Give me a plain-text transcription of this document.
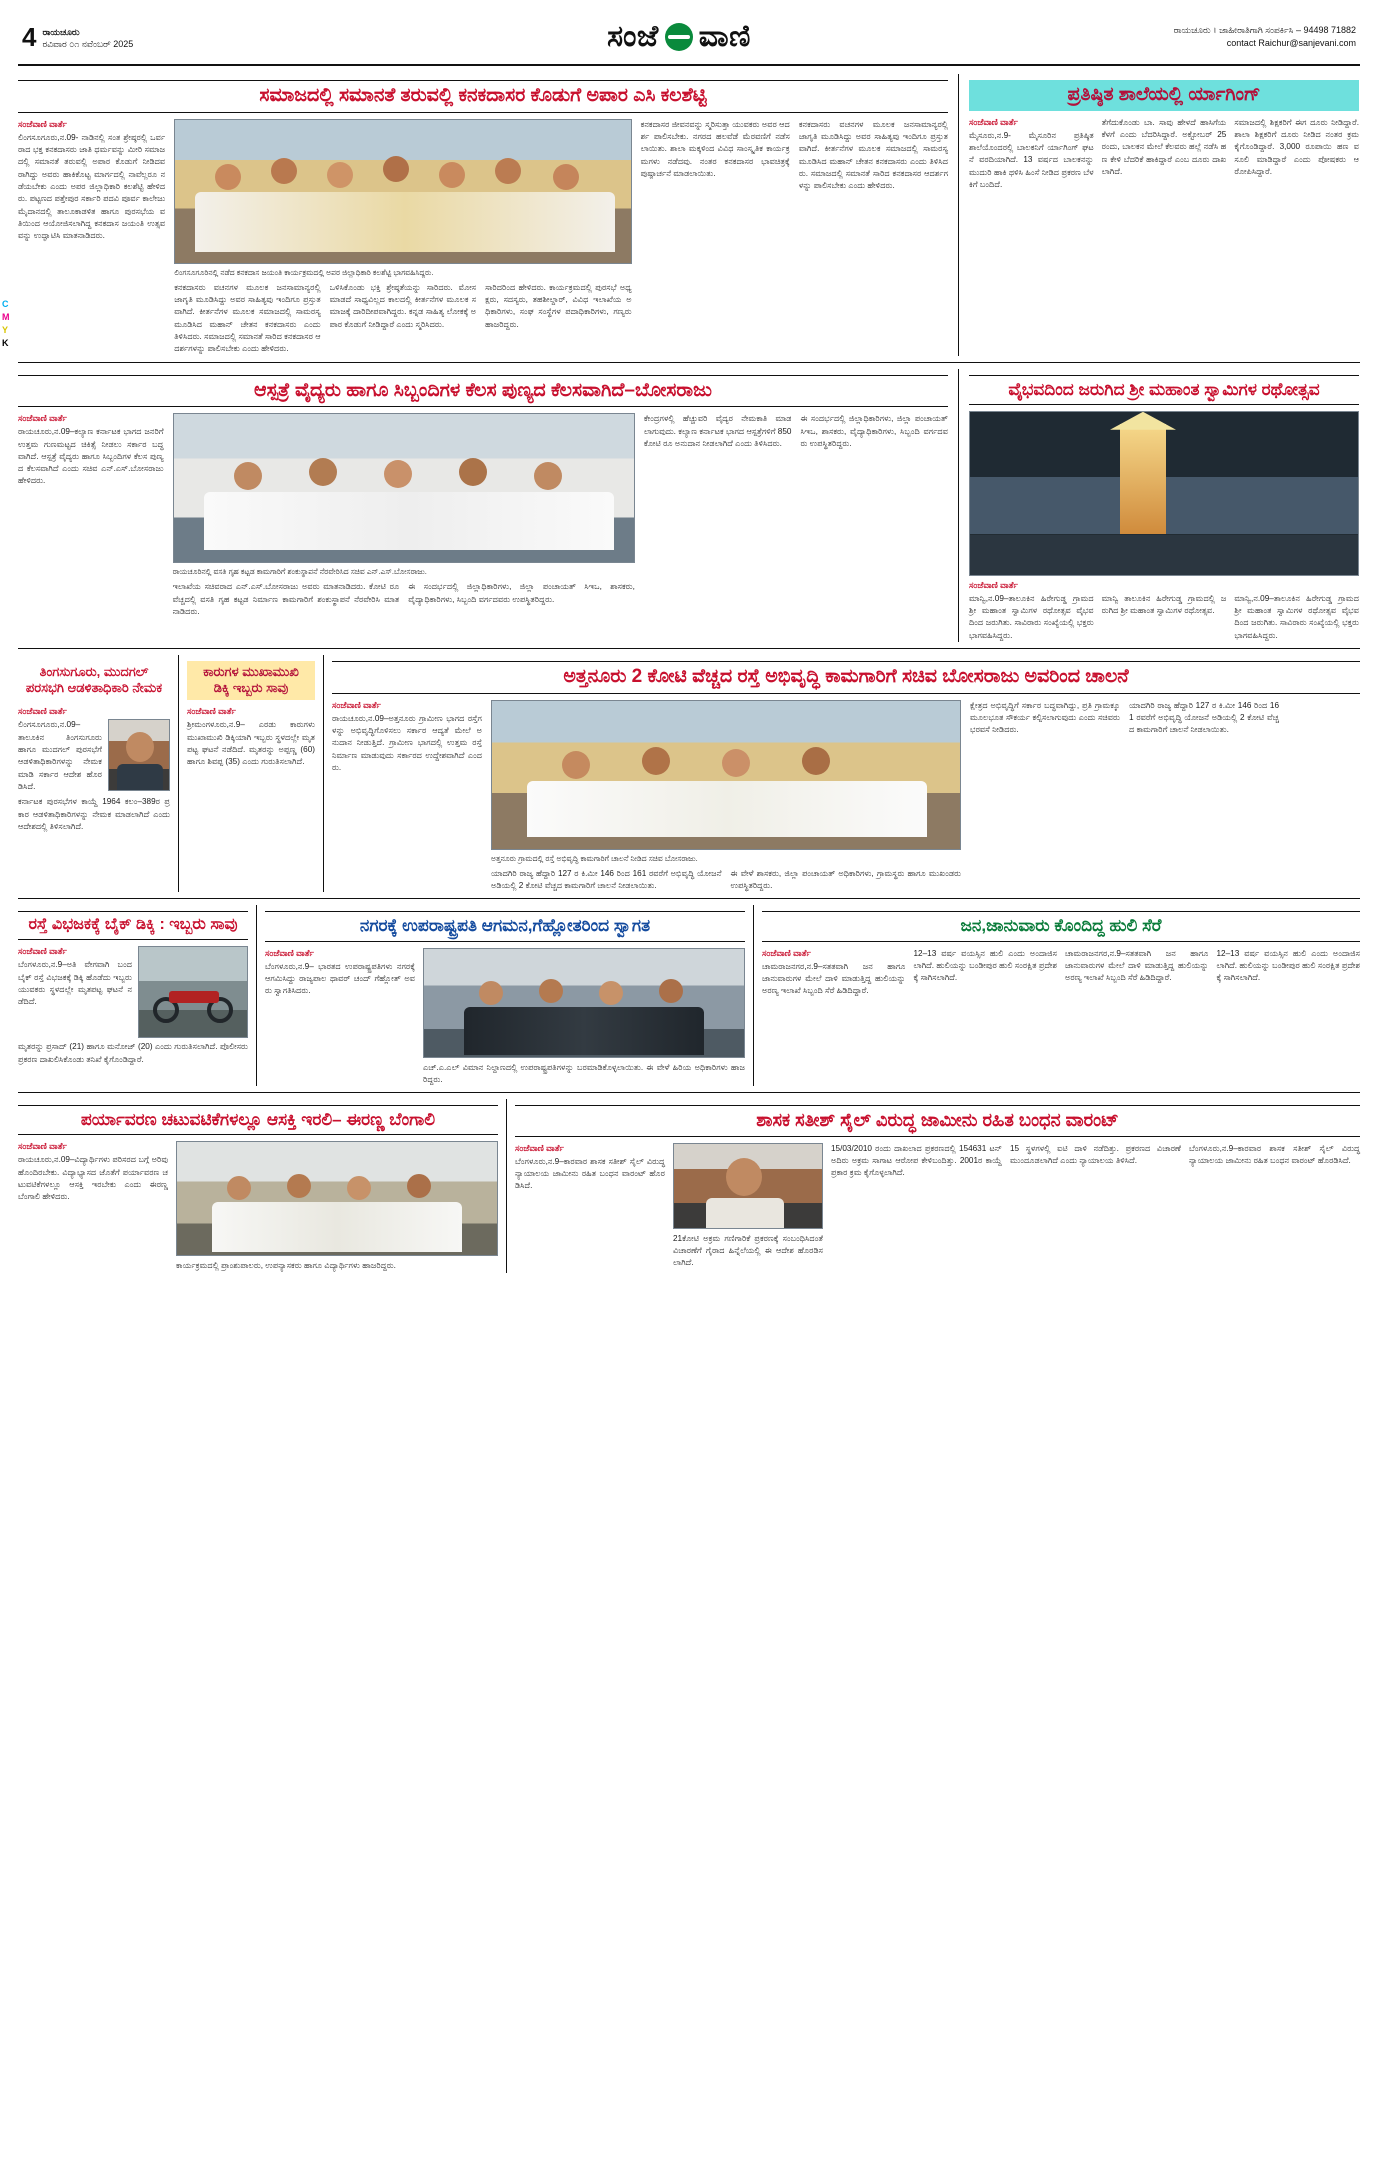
C
M
Y
K
4 ರಾಯಚೂರು
ರವಿವಾರ ೦೧ ನವೆಂಬರ್ 2025	ಸಂಜೆ ವಾಣಿ	ರಾಯಚೂರು । ಜಾಹೀರಾತಿಗಾಗಿ ಸಂಪರ್ಕಿಸಿ – 94498 71882
contact Raichur@sanjevani.com
ಸಮಾಜದಲ್ಲಿ ಸಮಾನತೆ ತರುವಲ್ಲಿ ಕನಕದಾಸರ ಕೊಡುಗೆ ಅಪಾರ ಎಸಿ ಕಲಶೆಟ್ಟಿ
ಸಂಜೆವಾಣಿ ವಾರ್ತೆ
ಲಿಂಗಸೂಗೂರು,ನ.09- ನಾಡಿನಲ್ಲಿ ಸಂತ ಶ್ರೇಷ್ಠರಲ್ಲಿ ಒರ್ವರಾದ ಭಕ್ತ ಕನಕದಾಸರು ಜಾತಿ ಧರ್ಮವನ್ನು ಮೀರಿ ಸಮಾಜದಲ್ಲಿ ಸಮಾನತೆ ತರುವಲ್ಲಿ ಅಪಾರ ಕೊಡುಗೆ ನೀಡಿದವರಾಗಿದ್ದು ಅವರು ಹಾಕಿಕೊಟ್ಟ ಮಾರ್ಗದಲ್ಲಿ ನಾವೆಲ್ಲರೂ ನಡೆಯಬೇಕು ಎಂದು ಅಪರ ಜಿಲ್ಲಾಧಿಕಾರಿ ಕಲಶೆಟ್ಟಿ ಹೇಳಿದರು. ಪಟ್ಟಣದ ಪತ್ತೇಪುರ ಸರ್ಕಾರಿ ಪದವಿ ಪೂರ್ವ ಕಾಲೇಜು ಮೈದಾನದಲ್ಲಿ ತಾಲೂಕಾಡಳಿತ ಹಾಗೂ ಪುರಸಭೆಯ ವತಿಯಿಂದ ಆಯೋಜಿಸಲಾಗಿದ್ದ ಕನಕದಾಸ ಜಯಂತಿ ಉತ್ಸವವನ್ನು ಉದ್ಘಾಟಿಸಿ ಮಾತನಾಡಿದರು.
ಲಿಂಗಸೂಗೂರಿನಲ್ಲಿ ನಡೆದ ಕನಕದಾಸ ಜಯಂತಿ ಕಾರ್ಯಕ್ರಮದಲ್ಲಿ ಅಪರ ಜಿಲ್ಲಾಧಿಕಾರಿ ಕಲಶೆಟ್ಟಿ ಭಾಗವಹಿಸಿದ್ದರು.
ಕನಕದಾಸರು ವಚನಗಳ ಮೂಲಕ ಜನಸಾಮಾನ್ಯರಲ್ಲಿ ಜಾಗೃತಿ ಮೂಡಿಸಿದ್ದು ಅವರ ಸಾಹಿತ್ಯವು ಇಂದಿಗೂ ಪ್ರಸ್ತುತವಾಗಿದೆ. ಕೀರ್ತನೆಗಳ ಮೂಲಕ ಸಮಾಜದಲ್ಲಿ ಸಾಮರಸ್ಯ ಮೂಡಿಸಿದ ಮಹಾನ್ ಚೇತನ ಕನಕದಾಸರು ಎಂದು ತಿಳಿಸಿದರು. ಸಮಾಜದಲ್ಲಿ ಸಮಾನತೆ ಸಾರಿದ ಕನಕದಾಸರ ಆದರ್ಶಗಳನ್ನು ಪಾಲಿಸಬೇಕು ಎಂದು ಹೇಳಿದರು.
ಒಳಿಸಿಕೊಂಡು ಭಕ್ತಿ ಶ್ರೇಷ್ಠತೆಯನ್ನು ಸಾರಿದರು. ಮೋಸ ಮಾಡದೆ ಸಾಧ್ಯವಿಲ್ಲದ ಕಾಲದಲ್ಲಿ ಕೀರ್ತನೆಗಳ ಮೂಲಕ ಸಮಾಜಕ್ಕೆ ದಾರಿದೀಪವಾಗಿದ್ದರು. ಕನ್ನಡ ಸಾಹಿತ್ಯ ಲೋಕಕ್ಕೆ ಅಪಾರ ಕೊಡುಗೆ ನೀಡಿದ್ದಾರೆ ಎಂದು ಸ್ಮರಿಸಿದರು.
ಸಾರಿದರಿಂದ ಹೇಳಿದರು. ಕಾರ್ಯಕ್ರಮದಲ್ಲಿ ಪುರಸಭೆ ಅಧ್ಯಕ್ಷರು, ಸದಸ್ಯರು, ತಹಶೀಲ್ದಾರ್, ವಿವಿಧ ಇಲಾಖೆಯ ಅಧಿಕಾರಿಗಳು, ಸಂಘ ಸಂಸ್ಥೆಗಳ ಪದಾಧಿಕಾರಿಗಳು, ಗಣ್ಯರು ಹಾಜರಿದ್ದರು.
ಕನಕದಾಸರ ಜೀವನವನ್ನು ಸ್ಮರಿಸುತ್ತಾ ಯುವಕರು ಅವರ ಆದರ್ಶ ಪಾಲಿಸಬೇಕು. ನಗರದ ಹಲವೆಡೆ ಮೆರವಣಿಗೆ ನಡೆಸಲಾಯಿತು. ಶಾಲಾ ಮಕ್ಕಳಿಂದ ವಿವಿಧ ಸಾಂಸ್ಕೃತಿಕ ಕಾರ್ಯಕ್ರಮಗಳು ನಡೆದವು. ನಂತರ ಕನಕದಾಸರ ಭಾವಚಿತ್ರಕ್ಕೆ ಪುಷ್ಪಾರ್ಚನೆ ಮಾಡಲಾಯಿತು.
ಕನಕದಾಸರು ವಚನಗಳ ಮೂಲಕ ಜನಸಾಮಾನ್ಯರಲ್ಲಿ ಜಾಗೃತಿ ಮೂಡಿಸಿದ್ದು ಅವರ ಸಾಹಿತ್ಯವು ಇಂದಿಗೂ ಪ್ರಸ್ತುತವಾಗಿದೆ. ಕೀರ್ತನೆಗಳ ಮೂಲಕ ಸಮಾಜದಲ್ಲಿ ಸಾಮರಸ್ಯ ಮೂಡಿಸಿದ ಮಹಾನ್ ಚೇತನ ಕನಕದಾಸರು ಎಂದು ತಿಳಿಸಿದರು. ಸಮಾಜದಲ್ಲಿ ಸಮಾನತೆ ಸಾರಿದ ಕನಕದಾಸರ ಆದರ್ಶಗಳನ್ನು ಪಾಲಿಸಬೇಕು ಎಂದು ಹೇಳಿದರು.
ಪ್ರತಿಷ್ಠಿತ ಶಾಲೆಯಲ್ಲಿ ರ್ಯಾಗಿಂಗ್
ಸಂಜೆವಾಣಿ ವಾರ್ತೆ
ಮೈಸೂರು,ನ.9- ಮೈಸೂರಿನ ಪ್ರತಿಷ್ಠಿತ ಶಾಲೆಯೊಂದರಲ್ಲಿ ಬಾಲಕನಿಗೆ ರ್ಯಾಗಿಂಗ್ ಘಟನೆ ವರದಿಯಾಗಿದೆ. 13 ವರ್ಷದ ಬಾಲಕನನ್ನು ಮುದುರಿ ಹಾಕಿ ಥಳಿಸಿ ಹಿಂಸೆ ನೀಡಿದ ಪ್ರಕರಣ ಬೆಳಕಿಗೆ ಬಂದಿದೆ.
ತೆಗೆದುಕೊಂಡು ಬಾ. ಸಾವು ಹೇಳದೆ ಹಾಸಿಗೆಯ ಕೆಳಗೆ ಎಂದು ಬೆದರಿಸಿದ್ದಾರೆ. ಅಕ್ಟೋಬರ್ 25 ರಂದು, ಬಾಲಕನ ಮೇಲೆ ಕೆಲವರು ಹಲ್ಲೆ ನಡೆಸಿ ಹಣ ಕೇಳಿ ಬೆದರಿಕೆ ಹಾಕಿದ್ದಾರೆ ಎಂಬ ದೂರು ದಾಖಲಾಗಿದೆ.
ಸಮಾಜದಲ್ಲಿ ಶಿಕ್ಷಕರಿಗೆ ಈಗ ದೂರು ನೀಡಿದ್ದಾರೆ. ಶಾಲಾ ಶಿಕ್ಷಕರಿಗೆ ದೂರು ನೀಡಿದ ನಂತರ ಕ್ರಮ ಕೈಗೊಂಡಿದ್ದಾರೆ. 3,000 ರೂಪಾಯಿ ಹಣ ವಸೂಲಿ ಮಾಡಿದ್ದಾರೆ ಎಂದು ಪೋಷಕರು ಆರೋಪಿಸಿದ್ದಾರೆ.
ಆಸ್ಪತ್ರೆ ವೈದ್ಯರು ಹಾಗೂ ಸಿಬ್ಬಂದಿಗಳ ಕೆಲಸ ಪುಣ್ಯದ ಕೆಲಸವಾಗಿದೆ–ಬೋಸರಾಜು
ಸಂಜೆವಾಣಿ ವಾರ್ತೆ
ರಾಯಚೂರು,ನ.09–ಕಲ್ಯಾಣ ಕರ್ನಾಟಕ ಭಾಗದ ಜನರಿಗೆ ಉತ್ತಮ ಗುಣಮಟ್ಟದ ಚಿಕಿತ್ಸೆ ನೀಡಲು ಸರ್ಕಾರ ಬದ್ಧವಾಗಿದೆ. ಆಸ್ಪತ್ರೆ ವೈದ್ಯರು ಹಾಗೂ ಸಿಬ್ಬಂದಿಗಳ ಕೆಲಸ ಪುಣ್ಯದ ಕೆಲಸವಾಗಿದೆ ಎಂದು ಸಚಿವ ಎನ್.ಎಸ್.ಬೋಸರಾಜು ಹೇಳಿದರು.
ರಾಯಚೂರಿನಲ್ಲಿ ವಸತಿ ಗೃಹ ಕಟ್ಟಡ ಕಾಮಗಾರಿಗೆ ಶಂಕುಸ್ಥಾಪನೆ ನೆರವೇರಿಸಿದ ಸಚಿವ ಎನ್.ಎಸ್.ಬೋಸರಾಜು.
ಇಲಾಖೆಯ ಸಚಿವರಾದ ಎನ್.ಎಸ್.ಬೋಸರಾಜು ಅವರು ಮಾತನಾಡಿದರು. ಕೋಟಿ ರೂ ವೆಚ್ಚದಲ್ಲಿ ವಸತಿ ಗೃಹ ಕಟ್ಟಡ ನಿರ್ಮಾಣ ಕಾಮಗಾರಿಗೆ ಶಂಕುಸ್ಥಾಪನೆ ನೆರವೇರಿಸಿ ಮಾತನಾಡಿದರು.
ಈ ಸಂದರ್ಭದಲ್ಲಿ ಜಿಲ್ಲಾಧಿಕಾರಿಗಳು, ಜಿಲ್ಲಾ ಪಂಚಾಯತ್ ಸಿಇಒ, ಶಾಸಕರು, ವೈದ್ಯಾಧಿಕಾರಿಗಳು, ಸಿಬ್ಬಂದಿ ವರ್ಗದವರು ಉಪಸ್ಥಿತರಿದ್ದರು.
ಕೇಂದ್ರಗಳಲ್ಲಿ ಹೆಚ್ಚುವರಿ ವೈದ್ಯರ ನೇಮಕಾತಿ ಮಾಡಲಾಗುವುದು. ಕಲ್ಯಾಣ ಕರ್ನಾಟಕ ಭಾಗದ ಆಸ್ಪತ್ರೆಗಳಿಗೆ 850 ಕೋಟಿ ರೂ ಅನುದಾನ ನೀಡಲಾಗಿದೆ ಎಂದು ತಿಳಿಸಿದರು.
ಈ ಸಂದರ್ಭದಲ್ಲಿ ಜಿಲ್ಲಾಧಿಕಾರಿಗಳು, ಜಿಲ್ಲಾ ಪಂಚಾಯತ್ ಸಿಇಒ, ಶಾಸಕರು, ವೈದ್ಯಾಧಿಕಾರಿಗಳು, ಸಿಬ್ಬಂದಿ ವರ್ಗದವರು ಉಪಸ್ಥಿತರಿದ್ದರು.
ವೈಭವದಿಂದ ಜರುಗಿದ ಶ್ರೀ ಮಹಾಂತ ಸ್ವಾಮಿಗಳ ರಥೋತ್ಸವ
ಸಂಜೆವಾಣಿ ವಾರ್ತೆ
ಮಾನ್ವಿ,ನ.09–ತಾಲೂಕಿನ ಹಿರೇಗುಡ್ಡ ಗ್ರಾಮದ ಶ್ರೀ ಮಹಾಂತ ಸ್ವಾಮಿಗಳ ರಥೋತ್ಸವ ವೈಭವದಿಂದ ಜರುಗಿತು. ಸಾವಿರಾರು ಸಂಖ್ಯೆಯಲ್ಲಿ ಭಕ್ತರು ಭಾಗವಹಿಸಿದ್ದರು.
ಮಾನ್ವಿ ತಾಲೂಕಿನ ಹಿರೇಗುಡ್ಡ ಗ್ರಾಮದಲ್ಲಿ ಜರುಗಿದ ಶ್ರೀ ಮಹಾಂತ ಸ್ವಾಮಿಗಳ ರಥೋತ್ಸವ.
ಮಾನ್ವಿ,ನ.09–ತಾಲೂಕಿನ ಹಿರೇಗುಡ್ಡ ಗ್ರಾಮದ ಶ್ರೀ ಮಹಾಂತ ಸ್ವಾಮಿಗಳ ರಥೋತ್ಸವ ವೈಭವದಿಂದ ಜರುಗಿತು. ಸಾವಿರಾರು ಸಂಖ್ಯೆಯಲ್ಲಿ ಭಕ್ತರು ಭಾಗವಹಿಸಿದ್ದರು.
ತಿಂಗಸುಗೂರು, ಮುದಗಲ್
ಪರಸಭಗಿ ಆಡಳಿತಾಧಿಕಾರಿ ನೇಮಕ
ಸಂಜೆವಾಣಿ ವಾರ್ತೆ
ಲಿಂಗಸೂಗೂರು,ನ.09– ತಾಲೂಕಿನ ತಿಂಗಸುಗೂರು ಹಾಗೂ ಮುದಗಲ್ ಪುರಸಭೆಗೆ ಆಡಳಿತಾಧಿಕಾರಿಗಳನ್ನು ನೇಮಕ ಮಾಡಿ ಸರ್ಕಾರ ಆದೇಶ ಹೊರಡಿಸಿದೆ.
ಕರ್ನಾಟಕ ಪುರಸಭೆಗಳ ಕಾಯ್ದೆ 1964 ಕಲಂ–389ರ ಪ್ರಕಾರ ಆಡಳಿತಾಧಿಕಾರಿಗಳನ್ನು ನೇಮಕ ಮಾಡಲಾಗಿದೆ ಎಂದು ಆದೇಶದಲ್ಲಿ ತಿಳಿಸಲಾಗಿದೆ.
ಕಾರುಗಳ ಮುಖಾಮುಖಿ
ಡಿಕ್ಕಿ ಇಬ್ಬರು ಸಾವು
ಸಂಜೆವಾಣಿ ವಾರ್ತೆ
ಶ್ರೀಮಂಗಳೂರು,ನ.9– ಎರಡು ಕಾರುಗಳು ಮುಖಾಮುಖಿ ಡಿಕ್ಕಿಯಾಗಿ ಇಬ್ಬರು ಸ್ಥಳದಲ್ಲೇ ಮೃತಪಟ್ಟ ಘಟನೆ ನಡೆದಿದೆ. ಮೃತರನ್ನು ಅಪ್ಪಣ್ಣ (60) ಹಾಗೂ ಶಿವಪ್ಪ (35) ಎಂದು ಗುರುತಿಸಲಾಗಿದೆ.
ಅತ್ತನೂರು 2 ಕೋಟಿ ವೆಚ್ಚದ ರಸ್ತೆ ಅಭಿವೃದ್ಧಿ ಕಾಮಗಾರಿಗೆ ಸಚಿವ ಬೋಸರಾಜು ಅವರಿಂದ ಚಾಲನೆ
ಸಂಜೆವಾಣಿ ವಾರ್ತೆ
ರಾಯಚೂರು,ನ.09–ಅತ್ತನೂರು ಗ್ರಾಮೀಣ ಭಾಗದ ರಸ್ತೆಗಳನ್ನು ಅಭಿವೃದ್ಧಿಗೊಳಿಸಲು ಸರ್ಕಾರ ಆದ್ಯತೆ ಮೇಲೆ ಅನುದಾನ ನೀಡುತ್ತಿದೆ. ಗ್ರಾಮೀಣ ಭಾಗದಲ್ಲಿ ಉತ್ತಮ ರಸ್ತೆ ನಿರ್ಮಾಣ ಮಾಡುವುದು ಸರ್ಕಾರದ ಉದ್ದೇಶವಾಗಿದೆ ಎಂದರು.
ಅತ್ತನೂರು ಗ್ರಾಮದಲ್ಲಿ ರಸ್ತೆ ಅಭಿವೃದ್ಧಿ ಕಾಮಗಾರಿಗೆ ಚಾಲನೆ ನೀಡಿದ ಸಚಿವ ಬೋಸರಾಜು.
ಯಾದಗಿರಿ ರಾಜ್ಯ ಹೆದ್ದಾರಿ 127 ರ ಕಿ.ಮೀ 146 ರಿಂದ 161 ರವರೆಗೆ ಅಭಿವೃದ್ಧಿ ಯೋಜನೆ ಅಡಿಯಲ್ಲಿ 2 ಕೋಟಿ ವೆಚ್ಚದ ಕಾಮಗಾರಿಗೆ ಚಾಲನೆ ನೀಡಲಾಯಿತು.
ಈ ವೇಳೆ ಶಾಸಕರು, ಜಿಲ್ಲಾ ಪಂಚಾಯತ್ ಅಧಿಕಾರಿಗಳು, ಗ್ರಾಮಸ್ಥರು ಹಾಗೂ ಮುಖಂಡರು ಉಪಸ್ಥಿತರಿದ್ದರು.
ಕ್ಷೇತ್ರದ ಅಭಿವೃದ್ಧಿಗೆ ಸರ್ಕಾರ ಬದ್ಧವಾಗಿದ್ದು, ಪ್ರತಿ ಗ್ರಾಮಕ್ಕೂ ಮೂಲಭೂತ ಸೌಕರ್ಯ ಕಲ್ಪಿಸಲಾಗುವುದು ಎಂದು ಸಚಿವರು ಭರವಸೆ ನೀಡಿದರು.
ಯಾದಗಿರಿ ರಾಜ್ಯ ಹೆದ್ದಾರಿ 127 ರ ಕಿ.ಮೀ 146 ರಿಂದ 161 ರವರೆಗೆ ಅಭಿವೃದ್ಧಿ ಯೋಜನೆ ಅಡಿಯಲ್ಲಿ 2 ಕೋಟಿ ವೆಚ್ಚದ ಕಾಮಗಾರಿಗೆ ಚಾಲನೆ ನೀಡಲಾಯಿತು.
ರಸ್ತೆ ವಿಭಜಕಕ್ಕೆ ಬೈಕ್ ಡಿಕ್ಕಿ : ಇಬ್ಬರು ಸಾವು
ಸಂಜೆವಾಣಿ ವಾರ್ತೆ
ಬೆಂಗಳೂರು,ನ.9–ಅತಿ ವೇಗವಾಗಿ ಬಂದ ಬೈಕ್ ರಸ್ತೆ ವಿಭಜಕಕ್ಕೆ ಡಿಕ್ಕಿ ಹೊಡೆದು ಇಬ್ಬರು ಯುವಕರು ಸ್ಥಳದಲ್ಲೇ ಮೃತಪಟ್ಟ ಘಟನೆ ನಡೆದಿದೆ.
ಮೃತರನ್ನು ಪ್ರಸಾದ್ (21) ಹಾಗೂ ಮನೋಜ್ (20) ಎಂದು ಗುರುತಿಸಲಾಗಿದೆ. ಪೊಲೀಸರು ಪ್ರಕರಣ ದಾಖಲಿಸಿಕೊಂಡು ತನಿಖೆ ಕೈಗೊಂಡಿದ್ದಾರೆ.
ನಗರಕ್ಕೆ ಉಪರಾಷ್ಟ್ರಪತಿ ಆಗಮನ,ಗೆಹ್ಲೋತರಿಂದ ಸ್ವಾಗತ
ಸಂಜೆವಾಣಿ ವಾರ್ತೆ
ಬೆಂಗಳೂರು,ನ.9– ಭಾರತದ ಉಪರಾಷ್ಟ್ರಪತಿಗಳು ನಗರಕ್ಕೆ ಆಗಮಿಸಿದ್ದು ರಾಜ್ಯಪಾಲ ಥಾವರ್ ಚಂದ್ ಗೆಹ್ಲೋತ್ ಅವರು ಸ್ವಾಗತಿಸಿದರು.
ಎಚ್.ಎ.ಎಲ್ ವಿಮಾನ ನಿಲ್ದಾಣದಲ್ಲಿ ಉಪರಾಷ್ಟ್ರಪತಿಗಳನ್ನು ಬರಮಾಡಿಕೊಳ್ಳಲಾಯಿತು. ಈ ವೇಳೆ ಹಿರಿಯ ಅಧಿಕಾರಿಗಳು ಹಾಜರಿದ್ದರು.
ಜನ,ಜಾನುವಾರು ಕೊಂದಿದ್ದ ಹುಲಿ ಸೆರೆ
ಸಂಜೆವಾಣಿ ವಾರ್ತೆ
ಚಾಮರಾಜನಗರ,ನ.9–ಸತತವಾಗಿ ಜನ ಹಾಗೂ ಜಾನುವಾರುಗಳ ಮೇಲೆ ದಾಳಿ ಮಾಡುತ್ತಿದ್ದ ಹುಲಿಯನ್ನು ಅರಣ್ಯ ಇಲಾಖೆ ಸಿಬ್ಬಂದಿ ಸೆರೆ ಹಿಡಿದಿದ್ದಾರೆ.
12–13 ವರ್ಷ ವಯಸ್ಸಿನ ಹುಲಿ ಎಂದು ಅಂದಾಜಿಸಲಾಗಿದೆ. ಹುಲಿಯನ್ನು ಬಂಡೀಪುರ ಹುಲಿ ಸಂರಕ್ಷಿತ ಪ್ರದೇಶಕ್ಕೆ ಸಾಗಿಸಲಾಗಿದೆ.
ಚಾಮರಾಜನಗರ,ನ.9–ಸತತವಾಗಿ ಜನ ಹಾಗೂ ಜಾನುವಾರುಗಳ ಮೇಲೆ ದಾಳಿ ಮಾಡುತ್ತಿದ್ದ ಹುಲಿಯನ್ನು ಅರಣ್ಯ ಇಲಾಖೆ ಸಿಬ್ಬಂದಿ ಸೆರೆ ಹಿಡಿದಿದ್ದಾರೆ.
12–13 ವರ್ಷ ವಯಸ್ಸಿನ ಹುಲಿ ಎಂದು ಅಂದಾಜಿಸಲಾಗಿದೆ. ಹುಲಿಯನ್ನು ಬಂಡೀಪುರ ಹುಲಿ ಸಂರಕ್ಷಿತ ಪ್ರದೇಶಕ್ಕೆ ಸಾಗಿಸಲಾಗಿದೆ.
ಪರ್ಯಾವರಣ ಚಟುವಟಿಕೆಗಳಲ್ಲೂ ಆಸಕ್ತಿ ಇರಲಿ– ಈರಣ್ಣ ಬೆಂಗಾಲಿ
ಸಂಜೆವಾಣಿ ವಾರ್ತೆ
ರಾಯಚೂರು,ನ.09–ವಿದ್ಯಾರ್ಥಿಗಳು ಪರಿಸರದ ಬಗ್ಗೆ ಅರಿವು ಹೊಂದಿರಬೇಕು. ವಿದ್ಯಾಭ್ಯಾಸದ ಜೊತೆಗೆ ಪರ್ಯಾವರಣ ಚಟುವಟಿಕೆಗಳಲ್ಲೂ ಆಸಕ್ತಿ ಇರಬೇಕು ಎಂದು ಈರಣ್ಣ ಬೆಂಗಾಲಿ ಹೇಳಿದರು.
ಕಾರ್ಯಕ್ರಮದಲ್ಲಿ ಪ್ರಾಂಶುಪಾಲರು, ಉಪನ್ಯಾಸಕರು ಹಾಗೂ ವಿದ್ಯಾರ್ಥಿಗಳು ಹಾಜರಿದ್ದರು.
ಶಾಸಕ ಸತೀಶ್ ಸೈಲ್ ವಿರುದ್ಧ ಜಾಮೀನು ರಹಿತ ಬಂಧನ ವಾರಂಟ್
ಸಂಜೆವಾಣಿ ವಾರ್ತೆ
ಬೆಂಗಳೂರು,ನ.9–ಕಾರವಾರ ಶಾಸಕ ಸತೀಶ್ ಸೈಲ್ ವಿರುದ್ಧ ನ್ಯಾಯಾಲಯ ಜಾಮೀನು ರಹಿತ ಬಂಧನ ವಾರಂಟ್ ಹೊರಡಿಸಿದೆ.
21ಕೋಟಿ ಅಕ್ರಮ ಗಣಿಗಾರಿಕೆ ಪ್ರಕರಣಕ್ಕೆ ಸಂಬಂಧಿಸಿದಂತೆ ವಿಚಾರಣೆಗೆ ಗೈರಾದ ಹಿನ್ನೆಲೆಯಲ್ಲಿ ಈ ಆದೇಶ ಹೊರಡಿಸಲಾಗಿದೆ.
15/03/2010 ರಂದು ದಾಖಲಾದ ಪ್ರಕರಣದಲ್ಲಿ 154631 ಟನ್ ಅದಿರು ಅಕ್ರಮ ಸಾಗಾಟ ಆರೋಪ ಕೇಳಿಬಂದಿತ್ತು. 2001ರ ಕಾಯ್ದೆ ಪ್ರಕಾರ ಕ್ರಮ ಕೈಗೊಳ್ಳಲಾಗಿದೆ.
15 ಸ್ಥಳಗಳಲ್ಲಿ ಐಟಿ ದಾಳಿ ನಡೆದಿತ್ತು. ಪ್ರಕರಣದ ವಿಚಾರಣೆ ಮುಂದೂಡಲಾಗಿದೆ ಎಂದು ನ್ಯಾಯಾಲಯ ತಿಳಿಸಿದೆ.
ಬೆಂಗಳೂರು,ನ.9–ಕಾರವಾರ ಶಾಸಕ ಸತೀಶ್ ಸೈಲ್ ವಿರುದ್ಧ ನ್ಯಾಯಾಲಯ ಜಾಮೀನು ರಹಿತ ಬಂಧನ ವಾರಂಟ್ ಹೊರಡಿಸಿದೆ.
